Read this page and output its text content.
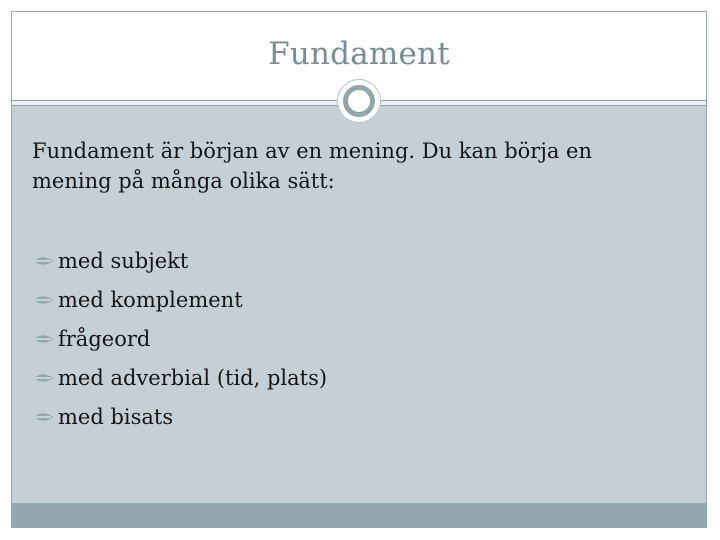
Fundament

Fundament är början av en mening. Du kan börja en mening på många olika sätt:

med subjekt
med komplement
frågeord
med adverbial (tid, plats)
med bisats
